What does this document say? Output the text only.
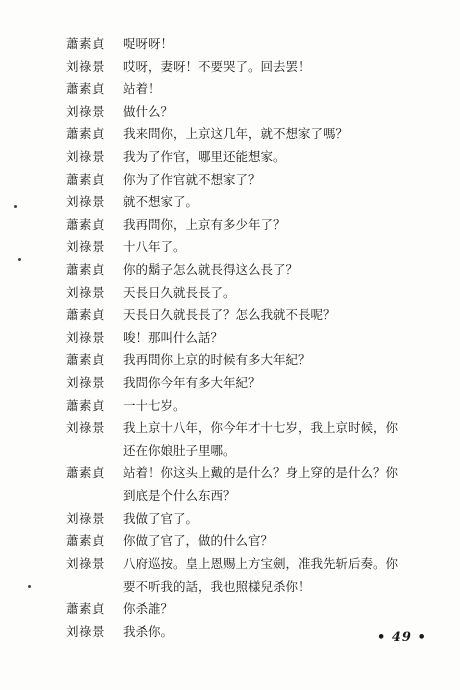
蕭素貞	哫呀呀！
刘祿景	哎呀，妻呀！不要哭了。回去罢！
蕭素貞	站着！
刘祿景	做什么？
蕭素貞	我来問你，上京这几年，就不想家了嗎？
刘祿景	我为了作官，哪里还能想家。
蕭素貞	你为了作官就不想家了？
刘祿景	就不想家了。
蕭素貞	我再問你，上京有多少年了？
刘祿景	十八年了。
蕭素貞	你的鬍子怎么就長得这么長了？
刘祿景	天長日久就長長了。
蕭素貞	天長日久就長長了？怎么我就不長呢？
刘祿景	唆！那叫什么話？
蕭素貞	我再問你上京的时候有多大年紀？
刘祿景	我問你今年有多大年紀？
蕭素貞	一十七岁。
刘祿景	我上京十八年，你今年才十七岁，我上京时候，你
还在你娘肚子里哪。
蕭素貞	站着！你这头上戴的是什么？身上穿的是什么？你
到底是个什么东西？
刘祿景	我做了官了。
蕭素貞	你做了官了，做的什么官？
刘祿景	八府巡按。皇上恩赐上方宝劍，准我先斩后奏。你
要不听我的話，我也照樣兒杀你！
蕭素貞	你杀誰？
刘祿景	我杀你。	• 49 •
